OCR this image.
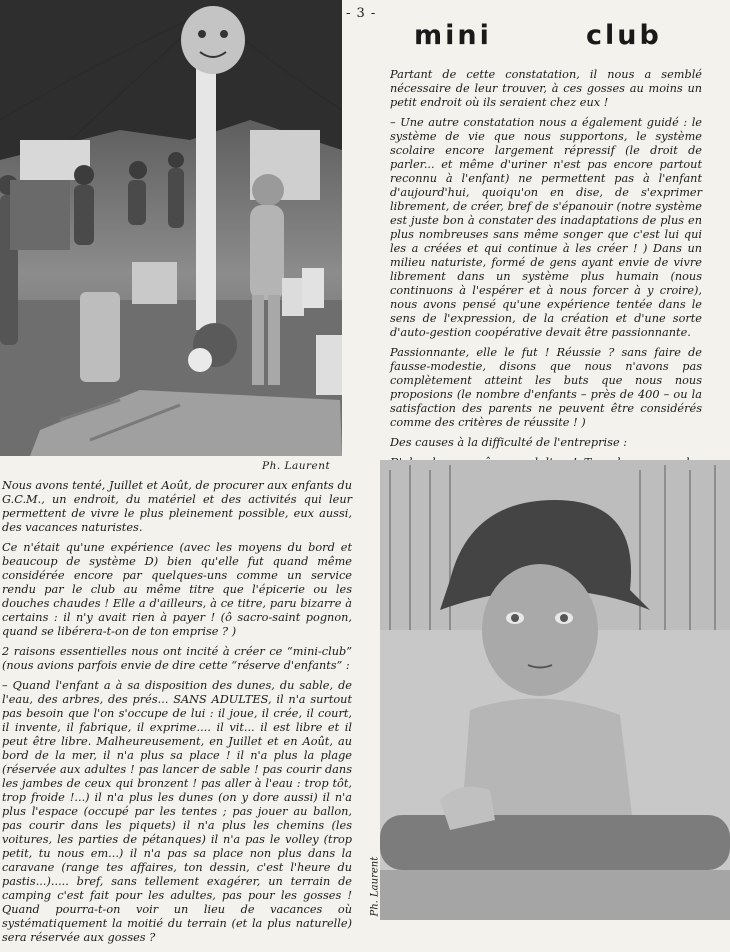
- 3 -
mini	club

Partant de cette constatation, il nous a semblé nécessaire de leur trouver, à ces gosses au moins un petit endroit où ils seraient chez eux !

– Une autre constatation nous a également guidé : le système de vie que nous supportons, le système scolaire encore largement répressif (le droit de parler... et même d'uriner n'est pas encore partout reconnu à l'enfant) ne permettent pas à l'enfant d'aujourd'hui, quoiqu'on en dise, de s'exprimer librement, de créer, bref de s'épanouir (notre système est juste bon à constater des inadaptations de plus en plus nombreuses sans même songer que c'est lui qui les a créées et qui continue à les créer ! ) Dans un milieu naturiste, formé de gens ayant envie de vivre librement dans un système plus humain (nous continuons à l'espérer et à nous forcer à y croire), nous avons pensé qu'une expérience tentée dans le sens de l'expression, de la création et d'une sorte d'auto-gestion coopérative devait être passionnante.

Passionnante, elle le fut ! Réussie ? sans faire de fausse-modestie, disons que nous n'avons pas complètement atteint les buts que nous nous proposions (le nombre d'enfants – près de 400 – ou la satisfaction des parents ne peuvent être considérés comme des critères de réussite ! )

Des causes à la difficulté de l'entreprise :

Ph. Laurent

Nous avons tenté, Juillet et Août, de procurer aux enfants du G.C.M., un endroit, du matériel et des activités qui leur permettent de vivre le plus pleinement possible, eux aussi, des vacances naturistes.

Ce n'était qu'une expérience (avec les moyens du bord et beaucoup de système D) bien qu'elle fut quand même considérée encore par quelques-uns comme un service rendu par le club au même titre que l'épicerie ou les douches chaudes ! Elle a d'ailleurs, à ce titre, paru bizarre à certains : il n'y avait rien à payer ! (ô sacro-saint pognon, quand se libérera-t-on de ton emprise ? )

2 raisons essentielles nous ont incité à créer ce “mini-club” (nous avions parfois envie de dire cette “réserve d'enfants” :

– Quand l'enfant a à sa disposition des dunes, du sable, de l'eau, des arbres, des prés... SANS ADULTES, il n'a surtout pas besoin que l'on s'occupe de lui : il joue, il crée, il court, il invente, il fabrique, il exprime.... il vit... il est libre et il peut être libre. Malheureusement, en Juillet et en Août, au bord de la mer, il n'a plus sa place ! il n'a plus la plage (réservée aux adultes ! pas lancer de sable ! pas courir dans les jambes de ceux qui bronzent ! pas aller à l'eau : trop tôt, trop froide !...) il n'a plus les dunes (on y dore aussi) il n'a plus l'espace (occupé par les tentes ; pas jouer au ballon, pas courir dans les piquets) il n'a plus les chemins (les voitures, les parties de pétanques) il n'a pas le volley (trop petit, tu nous em...) il n'a pas sa place non plus dans la caravane (range tes affaires, ton dessin, c'est l'heure du pastis...)..... bref, sans tellement exagérer, un terrain de camping c'est fait pour les adultes, pas pour les gosses ! Quand pourra-t-on voir un lieu de vacances où systématiquement la moitié du terrain (et la plus naturelle) sera réservée aux gosses ?

Ph. Laurent
